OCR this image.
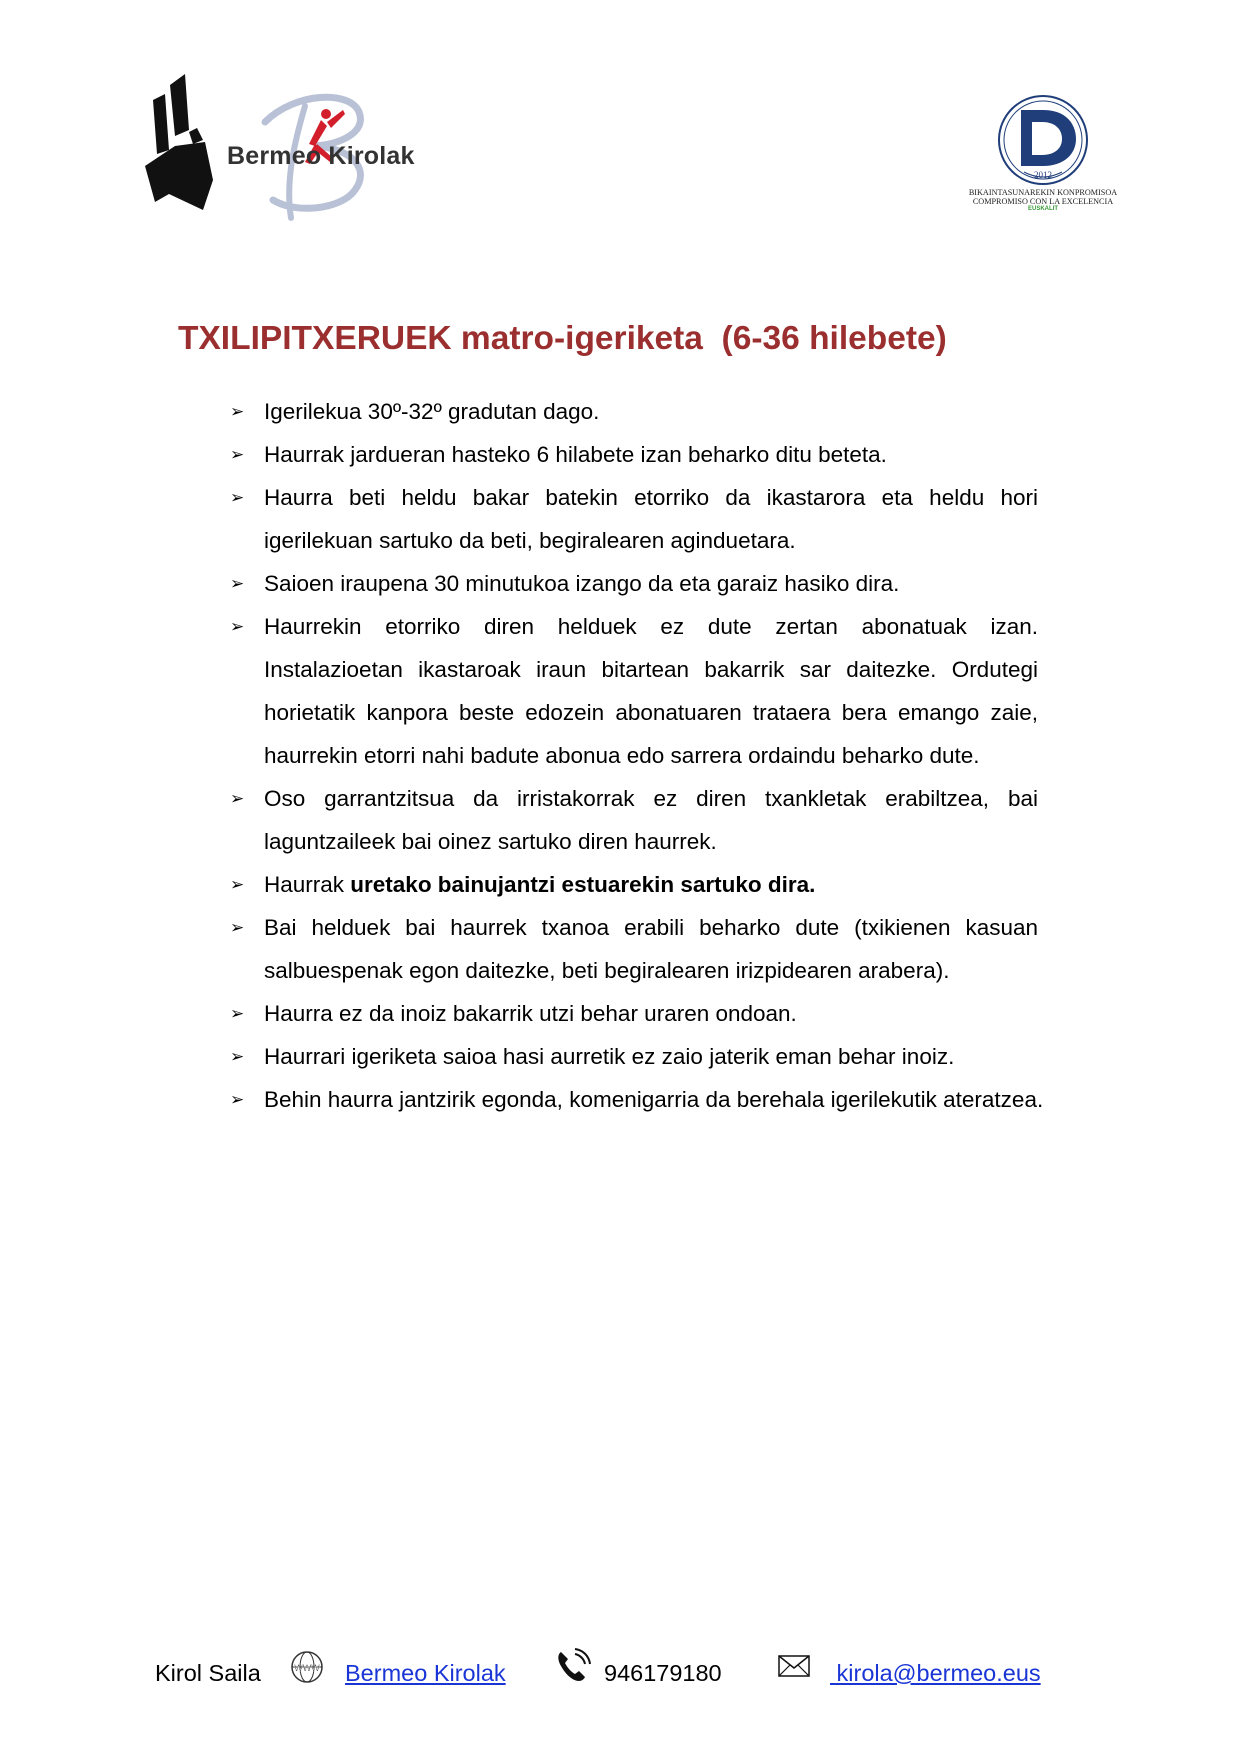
Bermeo Kirolak
2012
BIKAINTASUNAREKIN KONPROMISOA
COMPROMISO CON LA EXCELENCIA
EUSKALIT
TXILIPITXERUEK matro-igeriketa  (6-36 hilebete)
➢ Igerilekua 30º-32º gradutan dago.
➢ Haurrak jardueran hasteko 6 hilabete izan beharko ditu beteta.
➢ Haurra beti heldu bakar batekin etorriko da ikastarora eta heldu hori igerilekuan sartuko da beti, begiralearen aginduetara.
➢ Saioen iraupena 30 minutukoa izango da eta garaiz hasiko dira.
➢ Haurrekin etorriko diren helduek ez dute zertan abonatuak izan. Instalazioetan ikastaroak iraun bitartean bakarrik sar daitezke. Ordutegi horietatik kanpora beste edozein abonatuaren trataera bera emango zaie, haurrekin etorri nahi badute abonua edo sarrera ordaindu beharko dute.
➢ Oso garrantzitsua da irristakorrak ez diren txankletak erabiltzea, bai laguntzaileek bai oinez sartuko diren haurrek.
➢ Haurrak uretako bainujantzi estuarekin sartuko dira.
➢ Bai helduek bai haurrek txanoa erabili beharko dute (txikienen kasuan salbuespenak egon daitezke, beti begiralearen irizpidearen arabera).
➢ Haurra ez da inoiz bakarrik utzi behar uraren ondoan.
➢ Haurrari igeriketa saioa hasi aurretik ez zaio jaterik eman behar inoiz.
➢ Behin haurra jantzirik egonda, komenigarria da berehala igerilekutik ateratzea.
Kirol Saila	WWW Bermeo Kirolak	946179180	kirola@bermeo.eus
